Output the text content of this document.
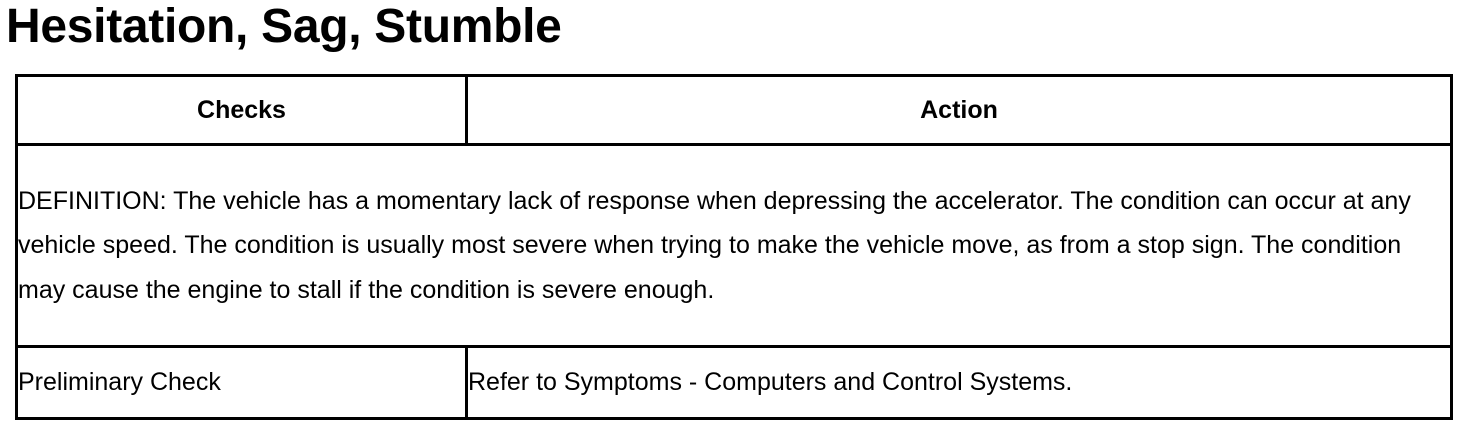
Hesitation, Sag, Stumble
Checks	Action
DEFINITION: The vehicle has a momentary lack of response when depressing the accelerator. The condition can occur at any vehicle speed. The condition is usually most severe when trying to make the vehicle move, as from a stop sign. The condition may cause the engine to stall if the condition is severe enough.	
Preliminary Check	Refer to Symptoms - Computers and Control Systems.
